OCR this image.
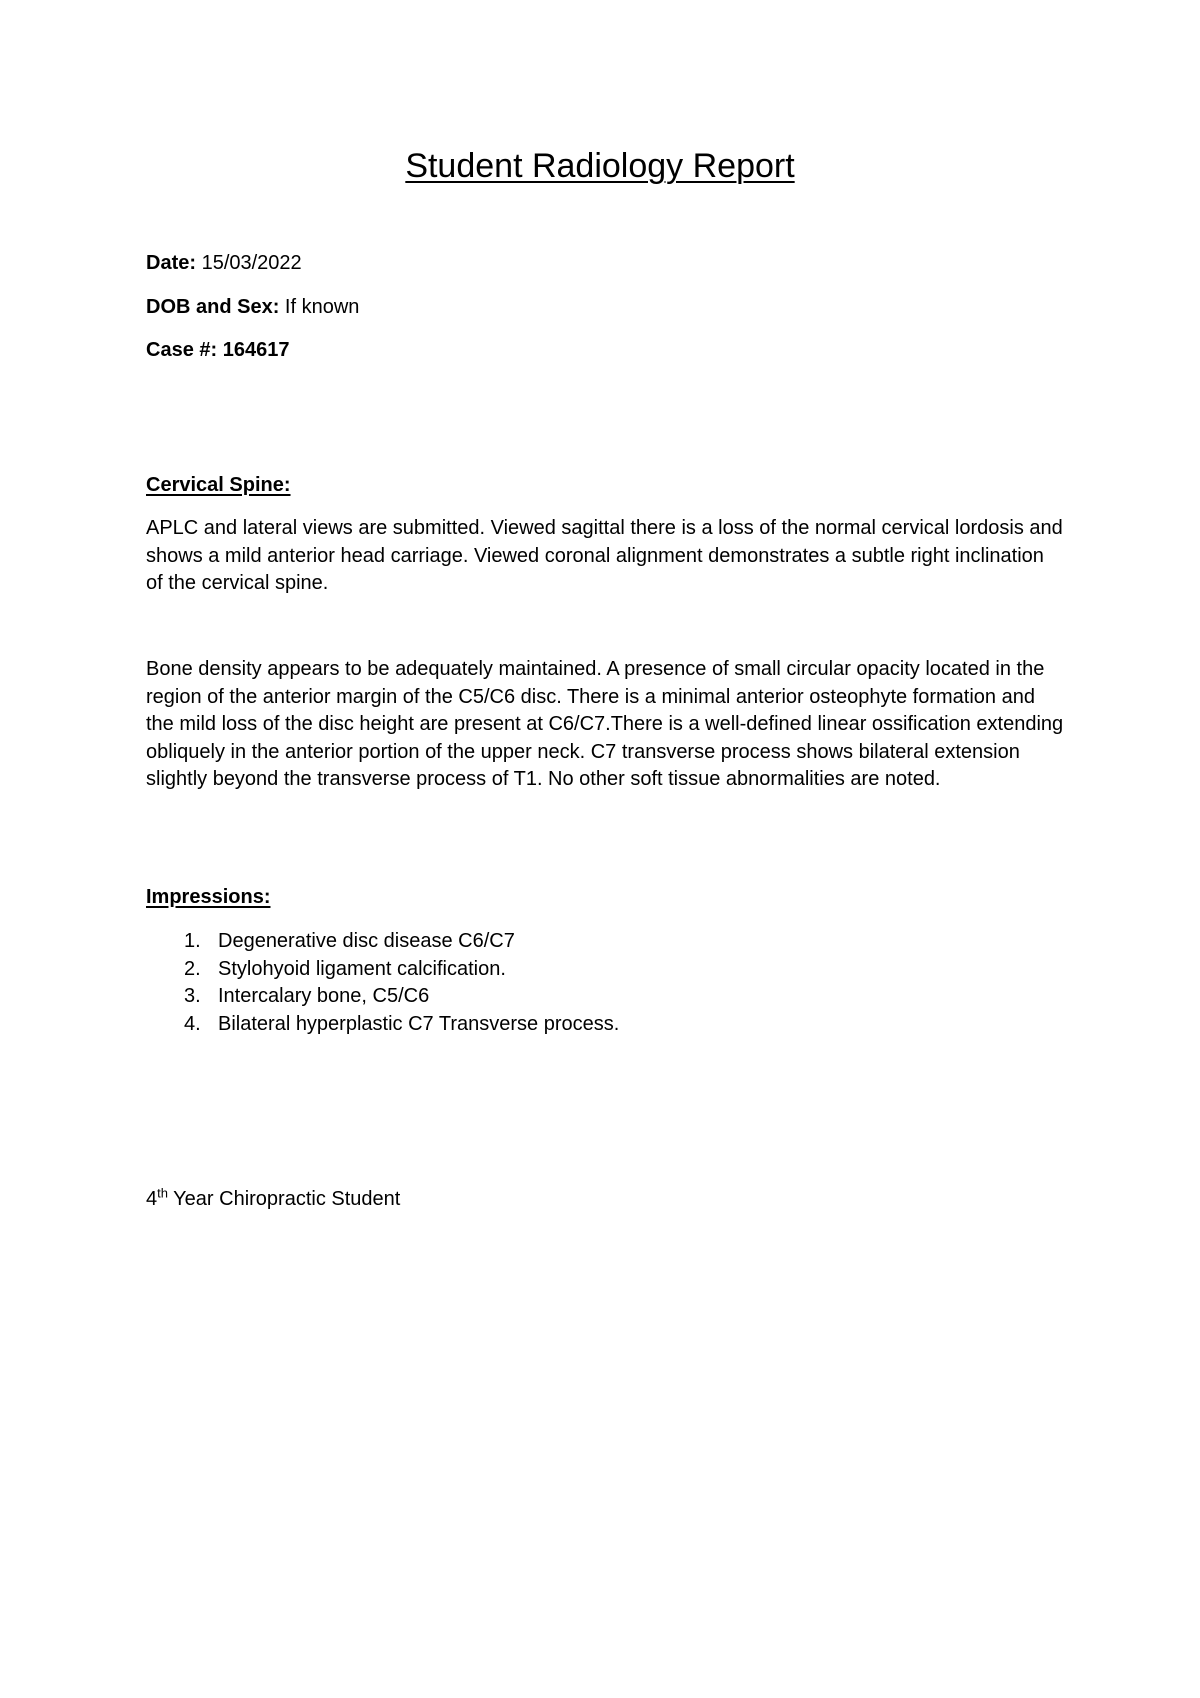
Student Radiology Report
Date: 15/03/2022
DOB and Sex: If known
Case #: 164617
Cervical Spine:

APLC and lateral views are submitted. Viewed sagittal there is a loss of the normal cervical lordosis and shows a mild anterior head carriage. Viewed coronal alignment demonstrates a subtle right inclination of the cervical spine.

Bone density appears to be adequately maintained. A presence of small circular opacity located in the region of the anterior margin of the C5/C6 disc. There is a minimal anterior osteophyte formation and the mild loss of the disc height are present at C6/C7.There is a well-defined linear ossification extending obliquely in the anterior portion of the upper neck. C7 transverse process shows bilateral extension slightly beyond the transverse process of T1. No other soft tissue abnormalities are noted.

Impressions:
1. Degenerative disc disease C6/C7
2. Stylohyoid ligament calcification.
3. Intercalary bone, C5/C6
4. Bilateral hyperplastic C7 Transverse process.
4th Year Chiropractic Student
